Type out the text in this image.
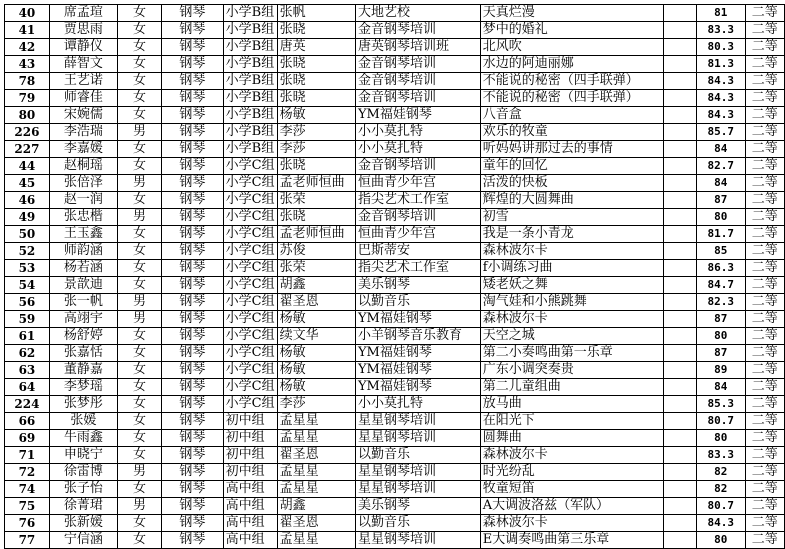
40	席孟瑄	女	钢琴	小学B组	张帆	大地艺校	天真烂漫		81	二等
41	贾思雨	女	钢琴	小学B组	张晓	金音钢琴培训	梦中的婚礼		83.3	二等
42	谭静仪	女	钢琴	小学B组	唐英	唐英钢琴培训班	北风吹		80.3	二等
43	薛智文	女	钢琴	小学B组	张晓	金音钢琴培训	水边的阿迪丽娜		81.3	二等
78	王艺诺	女	钢琴	小学B组	张晓	金音钢琴培训	不能说的秘密（四手联弹）		84.3	二等
79	师睿佳	女	钢琴	小学B组	张晓	金音钢琴培训	不能说的秘密（四手联弹）		84.3	二等
80	宋婉儒	女	钢琴	小学B组	杨敏	YM福娃钢琴	八音盒		84.3	二等
226	李浩瑞	男	钢琴	小学B组	李莎	小小莫扎特	欢乐的牧童		85.7	二等
227	李嘉媛	女	钢琴	小学B组	李莎	小小莫扎特	听妈妈讲那过去的事情		84	二等
44	赵桐瑶	女	钢琴	小学C组	张晓	金音钢琴培训	童年的回忆		82.7	二等
45	张倍泽	男	钢琴	小学C组	孟老师恒曲	恒曲青少年宫	活泼的快板		84	二等
46	赵一润	女	钢琴	小学C组	张荣	指尖艺术工作室	辉煌的大圆舞曲		87	二等
49	张忠楷	男	钢琴	小学C组	张晓	金音钢琴培训	初雪		80	二等
50	王玉鑫	女	钢琴	小学C组	孟老师恒曲	恒曲青少年宫	我是一条小青龙		81.7	二等
52	师韵涵	女	钢琴	小学C组	苏俊	巴斯蒂安	森林波尔卡		85	二等
53	杨若涵	女	钢琴	小学C组	张荣	指尖艺术工作室	f小调练习曲		86.3	二等
54	景歆迪	女	钢琴	小学C组	胡鑫	美乐钢琴	矮老妖之舞		84.7	二等
56	张一帆	男	钢琴	小学C组	翟圣恩	以勤音乐	淘气娃和小熊跳舞		82.3	二等
59	高翊宇	男	钢琴	小学C组	杨敏	YM福娃钢琴	森林波尔卡		87	二等
61	杨舒婷	女	钢琴	小学C组	续文华	小羊钢琴音乐教育	天空之城		80	二等
62	张嘉恬	女	钢琴	小学C组	杨敏	YM福娃钢琴	第二小奏鸣曲第一乐章		87	二等
63	董静嘉	女	钢琴	小学C组	杨敏	YM福娃钢琴	广东小调突奏贵		89	二等
64	李梦瑶	女	钢琴	小学C组	杨敏	YM福娃钢琴	第二儿童组曲		84	二等
224	张梦彤	女	钢琴	小学C组	李莎	小小莫扎特	放马曲		85.3	二等
66	张媛	女	钢琴	初中组	孟星星	星星钢琴培训	在阳光下		80.7	二等
69	牛雨鑫	女	钢琴	初中组	孟星星	星星钢琴培训	圆舞曲		80	二等
71	申晓宁	女	钢琴	初中组	翟圣恩	以勤音乐	森林波尔卡		83.3	二等
72	徐雷博	男	钢琴	初中组	孟星星	星星钢琴培训	时光纷乱		82	二等
74	张子怡	女	钢琴	高中组	孟星星	星星钢琴培训	牧童短笛		82	二等
75	徐菁珺	男	钢琴	高中组	胡鑫	美乐钢琴	A大调波洛兹（军队）		80.7	二等
76	张新媛	女	钢琴	高中组	翟圣恩	以勤音乐	森林波尔卡		84.3	二等
77	宁信涵	女	钢琴	高中组	孟星星	星星钢琴培训	E大调奏鸣曲第三乐章		80	二等
